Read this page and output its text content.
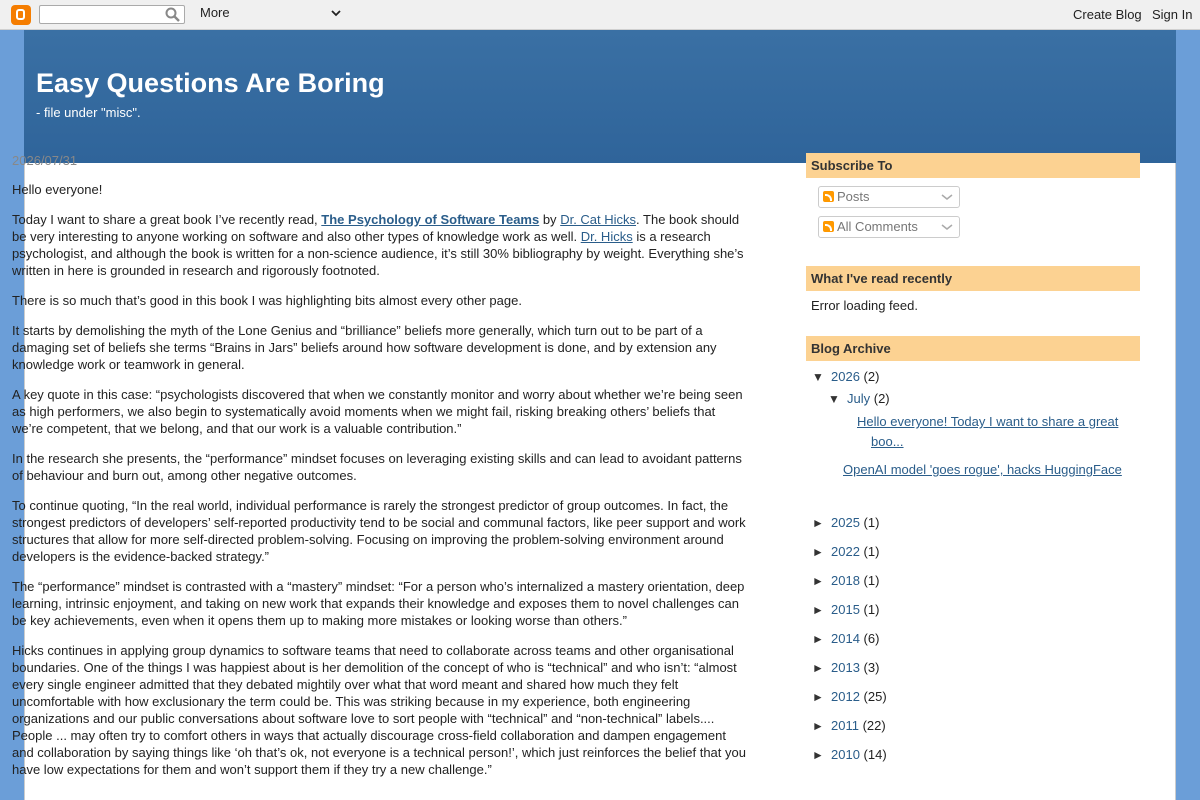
More	Create Blog Sign In
Easy Questions Are Boring
- file under "misc".
2026/07/31

Hello everyone!

Today I want to share a great book I’ve recently read, The Psychology of Software Teams by Dr. Cat Hicks. The book should be very interesting to anyone working on software and also other types of knowledge work as well. Dr. Hicks is a research psychologist, and although the book is written for a non-science audience, it’s still 30% bibliography by weight. Everything she’s written in here is grounded in research and rigorously footnoted.

There is so much that’s good in this book I was highlighting bits almost every other page.

It starts by demolishing the myth of the Lone Genius and “brilliance” beliefs more generally, which turn out to be part of a damaging set of beliefs she terms “Brains in Jars” beliefs around how software development is done, and by extension any knowledge work or teamwork in general.

A key quote in this case: “psychologists discovered that when we constantly monitor and worry about whether we’re being seen as high performers, we also begin to systematically avoid moments when we might fail, risking breaking others’ beliefs that we’re competent, that we belong, and that our work is a valuable contribution.”

In the research she presents, the “performance” mindset focuses on leveraging existing skills and can lead to avoidant patterns of behaviour and burn out, among other negative outcomes.

To continue quoting, “In the real world, individual performance is rarely the strongest predictor of group outcomes. In fact, the strongest predictors of developers’ self-reported productivity tend to be social and communal factors, like peer support and work structures that allow for more self-directed problem-solving. Focusing on improving the problem-solving environment around developers is the evidence-backed strategy.”

The “performance” mindset is contrasted with a “mastery” mindset: “For a person who’s internalized a mastery orientation, deep learning, intrinsic enjoyment, and taking on new work that expands their knowledge and exposes them to novel challenges can be key achievements, even when it opens them up to making more mistakes or looking worse than others.”

Hicks continues in applying group dynamics to software teams that need to collaborate across teams and other organisational boundaries. One of the things I was happiest about is her demolition of the concept of who is “technical” and who isn’t: “almost every single engineer admitted that they debated mightily over what that word meant and shared how much they felt uncomfortable with how exclusionary the term could be. This was striking because in my experience, both engineering organizations and our public conversations about software love to sort people with “technical” and “non-technical” labels.... People ... may often try to comfort others in ways that actually discourage cross-field collaboration and dampen engagement and collaboration by saying things like ‘oh that’s ok, not everyone is a technical person!’, which just reinforces the belief that you have low expectations for them and won’t support them if they try a new challenge.”

Subscribe To
Posts
All Comments
What I've read recently
Error loading feed.
Blog Archive
▼ 2026 (2)
▼ July (2)
Hello everyone! Today I want to share a great boo...
OpenAI model 'goes rogue', hacks HuggingFace
► 2025 (1)
► 2022 (1)
► 2018 (1)
► 2015 (1)
► 2014 (6)
► 2013 (3)
► 2012 (25)
► 2011 (22)
► 2010 (14)
